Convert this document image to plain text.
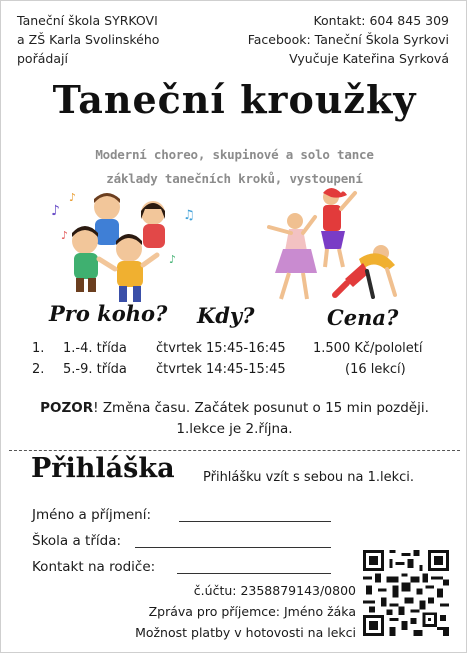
Taneční škola SYRKOVI
a ZŠ Karla Svolinského
pořádají
Kontakt: 604 845 309
Facebook: Taneční Škola Syrkovi
Vyučuje Kateřina Syrková
Taneční kroužky
Moderní choreo, skupinové a solo tance
základy tanečních kroků, vystoupení
♪	♫
♪
♪
♪
Pro koho? Kdy?	Cena?
1. 1.-4. třída čtvrtek 15:45-16:45 1.500 Kč/pololetí
2. 5.-9. třída čtvrtek 14:45-15:45	(16 lekcí)
POZOR! Změna času. Začátek posunut o 15 min později.
1.lekce je 2.října.
Přihláška Přihlášku vzít s sebou na 1.lekci.
Jméno a příjmení:
Škola a třída:
Kontakt na rodiče:
č.účtu: 2358879143/0800
Zpráva pro příjemce: Jméno žáka
Možnost platby v hotovosti na lekci
